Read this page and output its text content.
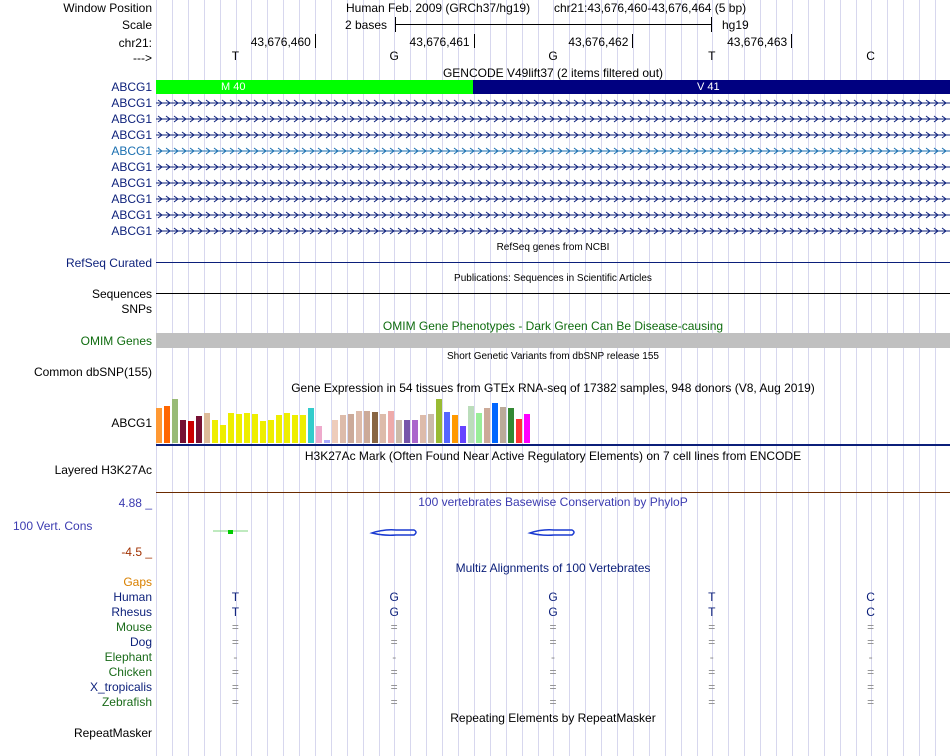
Window Position	Human Feb. 2009 (GRCh37/hg19) chr21:43,676,460-43,676,464 (5 bp)
Scale	2 bases	hg19
chr21:	43,676,460	43,676,461	43,676,462	43,676,463
--->	T	G	G	T	C
GENCODE V49lift37 (2 items filtered out)
M 40	V 41
ABCG1
ABCG1
ABCG1
ABCG1
ABCG1
ABCG1
ABCG1
ABCG1
ABCG1
ABCG1
RefSeq genes from NCBI
RefSeq Curated
Publications: Sequences in Scientific Articles
Sequences
SNPs
OMIM Gene Phenotypes - Dark Green Can Be Disease-causing
OMIM Genes
Short Genetic Variants from dbSNP release 155
Common dbSNP(155)
Gene Expression in 54 tissues from GTEx RNA-seq of 17382 samples, 948 donors (V8, Aug 2019)
ABCG1
H3K27Ac Mark (Often Found Near Active Regulatory Elements) on 7 cell lines from ENCODE
Layered H3K27Ac
4.88 _	100 vertebrates Basewise Conservation by PhyloP
100 Vert. Cons
-4.5 _
Multiz Alignments of 100 Vertebrates
Gaps
Human	T	G	G	T	C
Rhesus	T	G	G	T	C
Mouse	=	=	=	=	=
Dog	=	=	=	=	=
Elephant	-	-	-	-	-
Chicken	=	=	=	=	=
X_tropicalis	=	=	=	=	=
Zebrafish	=	=	=	=	=
Repeating Elements by RepeatMasker
RepeatMasker
